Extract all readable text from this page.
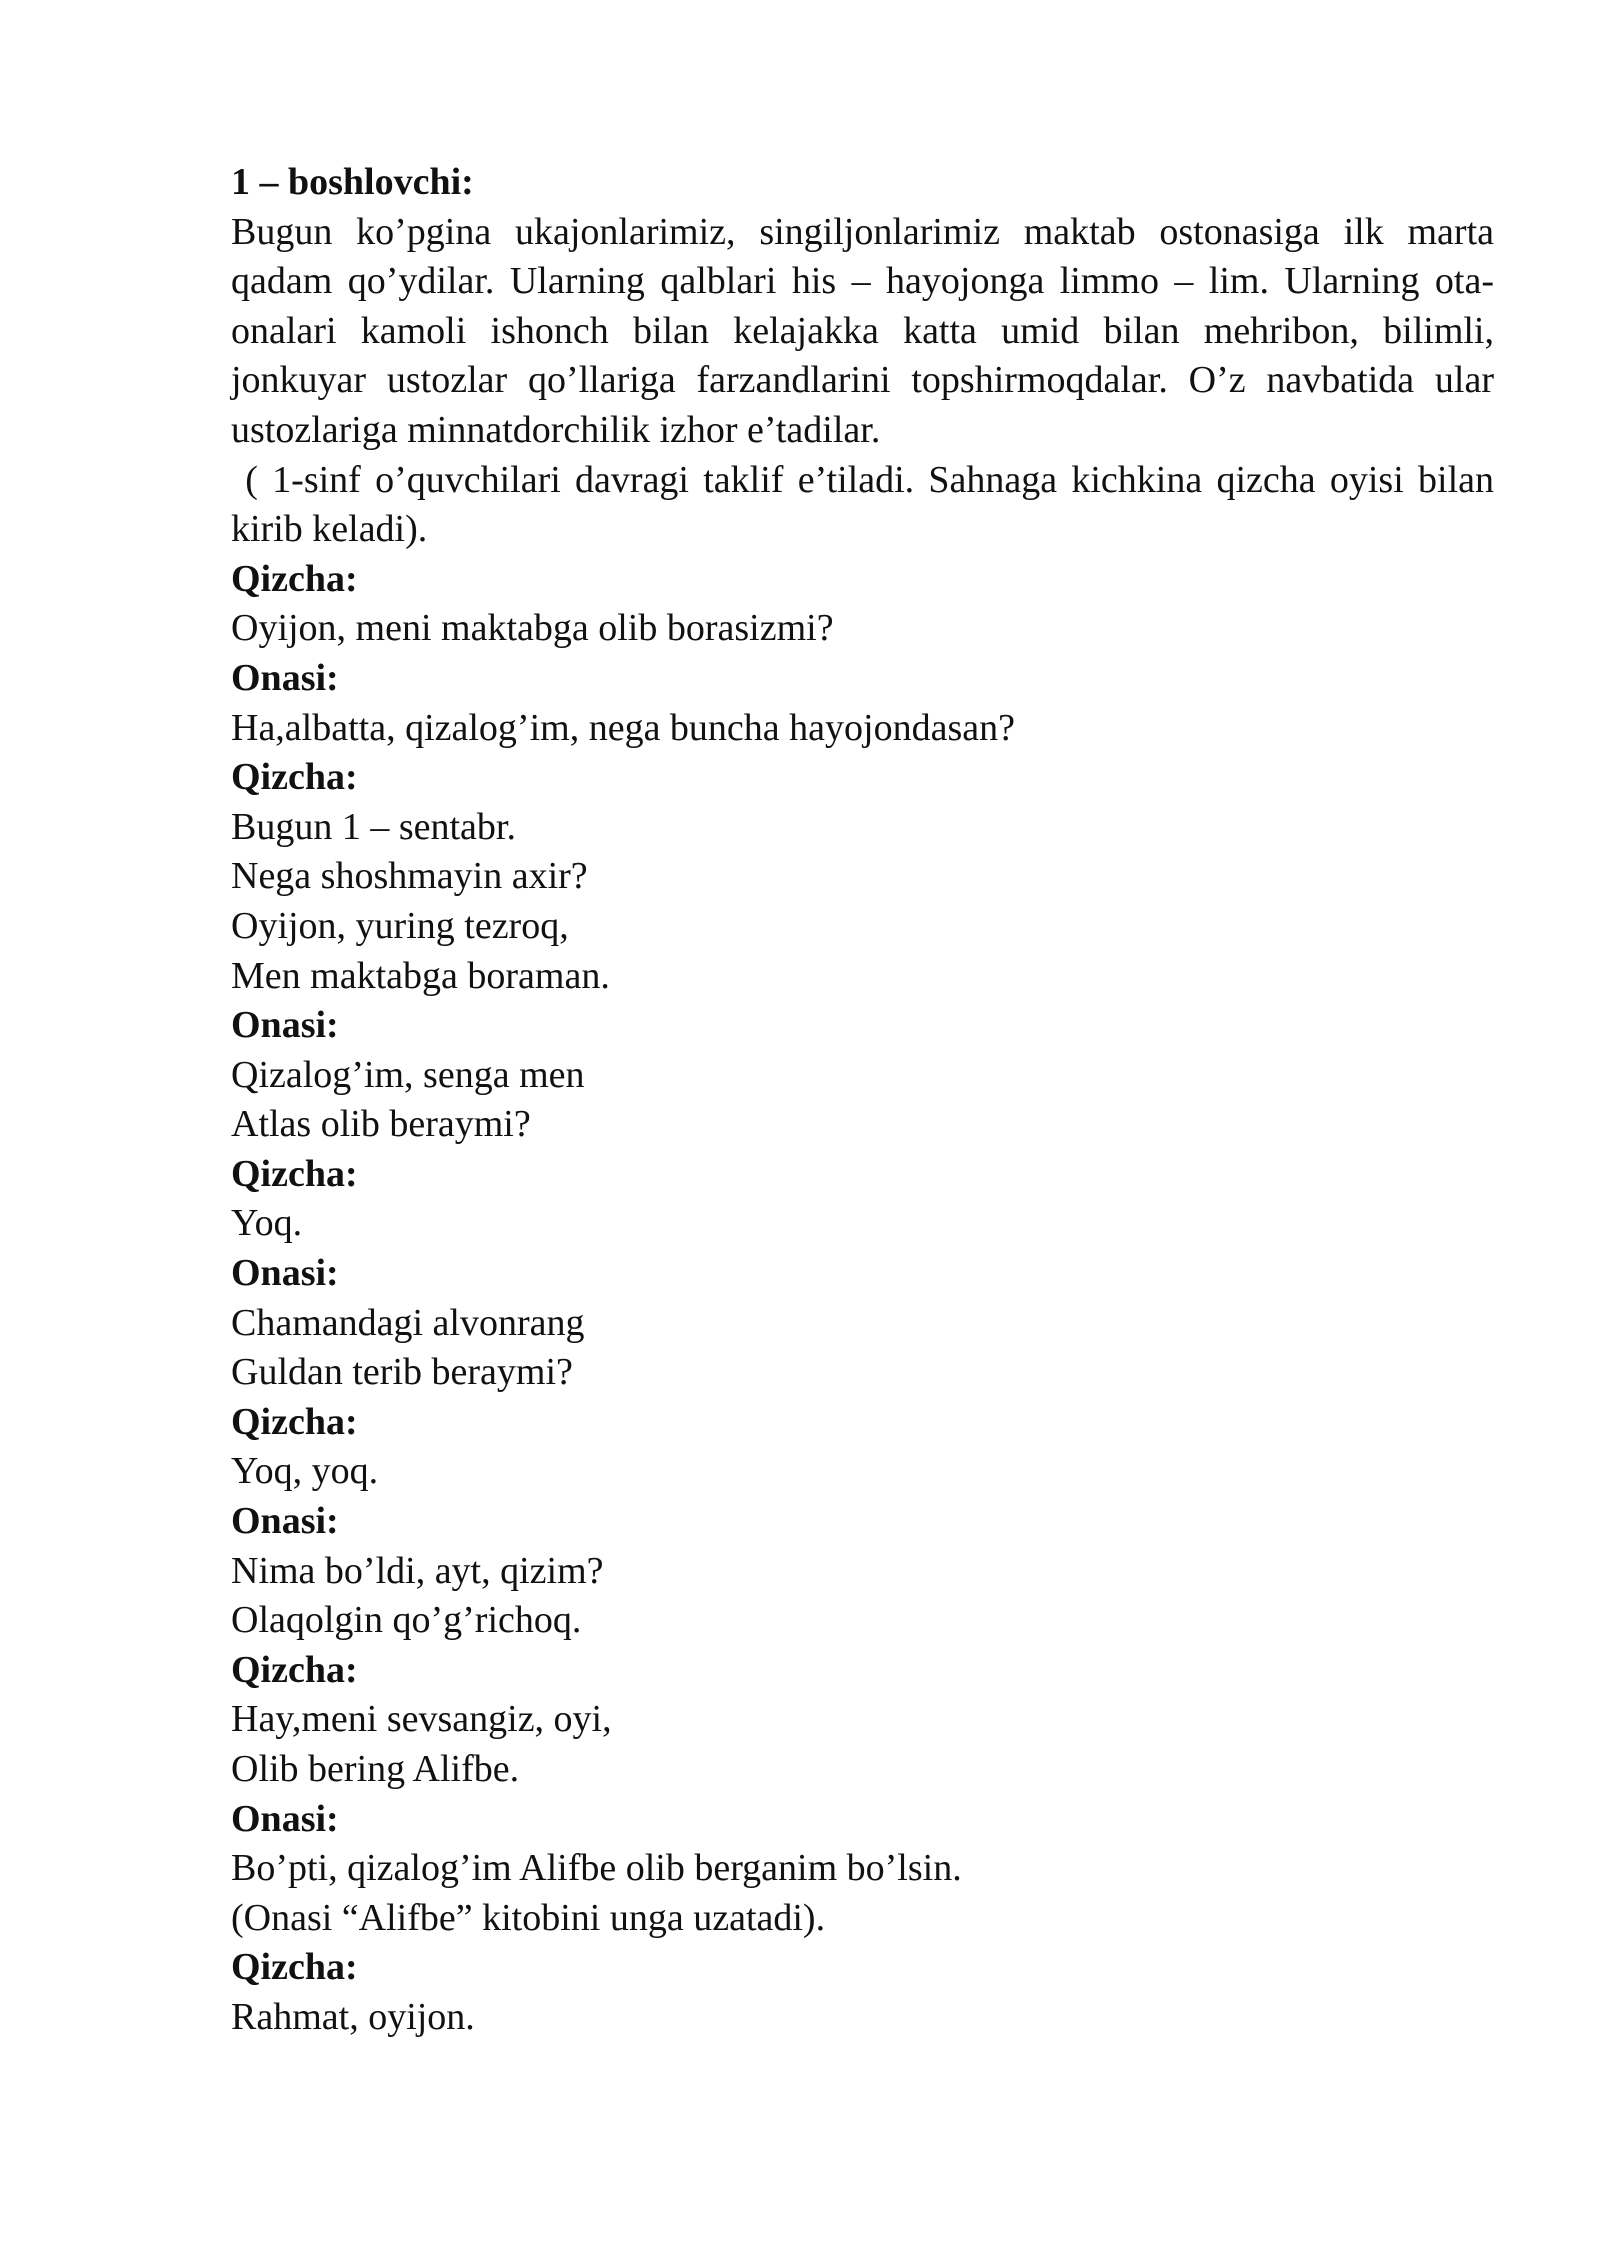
1 – boshlovchi:
Bugun ko’pgina ukajonlarimiz, singiljonlarimiz maktab ostonasiga ilk marta qadam qo’ydilar. Ularning qalblari his – hayojonga limmo – lim. Ularning ota-onalari kamoli ishonch bilan kelajakka katta umid bilan mehribon, bilimli, jonkuyar ustozlar qo’llariga farzandlarini topshirmoqdalar. O’z navbatida ular ustozlariga minnatdorchilik izhor e’tadilar.
( 1-sinf o’quvchilari davragi taklif e’tiladi. Sahnaga kichkina qizcha oyisi bilan kirib keladi).
Qizcha:
Oyijon, meni maktabga olib borasizmi?
Onasi:
Ha,albatta, qizalog’im, nega buncha hayojondasan?
Qizcha:
Bugun 1 – sentabr.
Nega shoshmayin axir?
Oyijon, yuring tezroq,
Men maktabga boraman.
Onasi:
Qizalog’im, senga men
Atlas olib beraymi?
Qizcha:
Yoq.
Onasi:
Chamandagi alvonrang
Guldan terib beraymi?
Qizcha:
Yoq, yoq.
Onasi:
Nima bo’ldi, ayt, qizim?
Olaqolgin qo’g’richoq.
Qizcha:
Hay,meni sevsangiz, oyi,
Olib bering Alifbe.
Onasi:
Bo’pti, qizalog’im Alifbe olib berganim bo’lsin.
(Onasi “Alifbe” kitobini unga uzatadi).
Qizcha:
Rahmat, oyijon.
